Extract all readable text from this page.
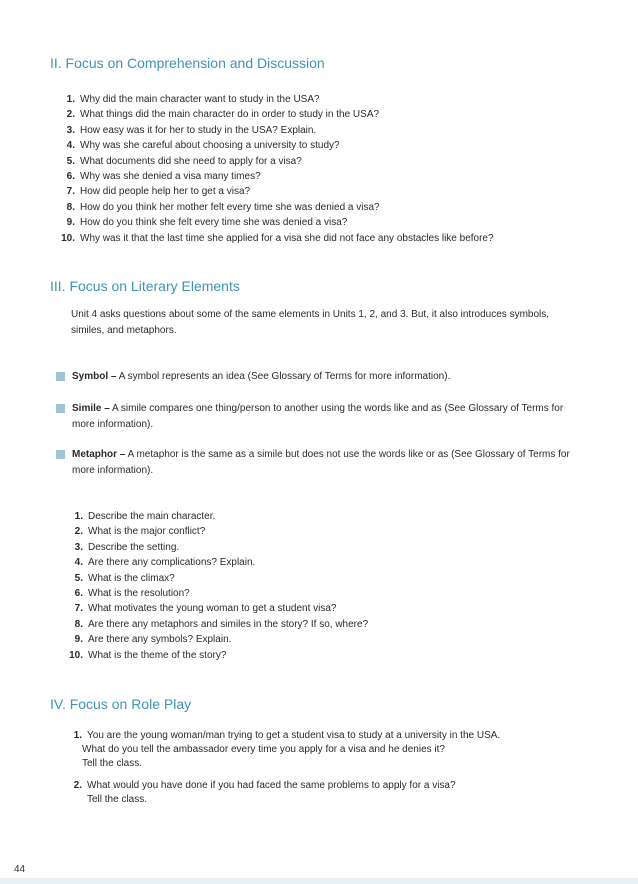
II. Focus on Comprehension and Discussion
1. Why did the main character want to study in the USA?
2. What things did the main character do in order to study in the USA?
3. How easy was it for her to study in the USA? Explain.
4. Why was she careful about choosing a university to study?
5. What documents did she need to apply for a visa?
6. Why was she denied a visa many times?
7. How did people help her to get a visa?
8. How do you think her mother felt every time she was denied a visa?
9. How do you think she felt every time she was denied a visa?
10. Why was it that the last time she applied for a visa she did not face any obstacles like before?
III. Focus on Literary Elements
Unit 4 asks questions about some of the same elements in Units 1, 2, and 3. But, it also introduces symbols, similes, and metaphors.
Symbol – A symbol represents an idea (See Glossary of Terms for more information).
Simile – A simile compares one thing/person to another using the words like and as (See Glossary of Terms for more information).
Metaphor – A metaphor is the same as a simile but does not use the words like or as (See Glossary of Terms for more information).
1. Describe the main character.
2. What is the major conflict?
3. Describe the setting.
4. Are there any complications? Explain.
5. What is the climax?
6. What is the resolution?
7. What motivates the young woman to get a student visa?
8. Are there any metaphors and similes in the story? If so, where?
9. Are there any symbols? Explain.
10. What is the theme of the story?
IV. Focus on Role Play
1. You are the young woman/man trying to get a student visa to study at a university in the USA.
What do you tell the ambassador every time you apply for a visa and he denies it?
Tell the class.
2. What would you have done if you had faced the same problems to apply for a visa?
Tell the class.
44
